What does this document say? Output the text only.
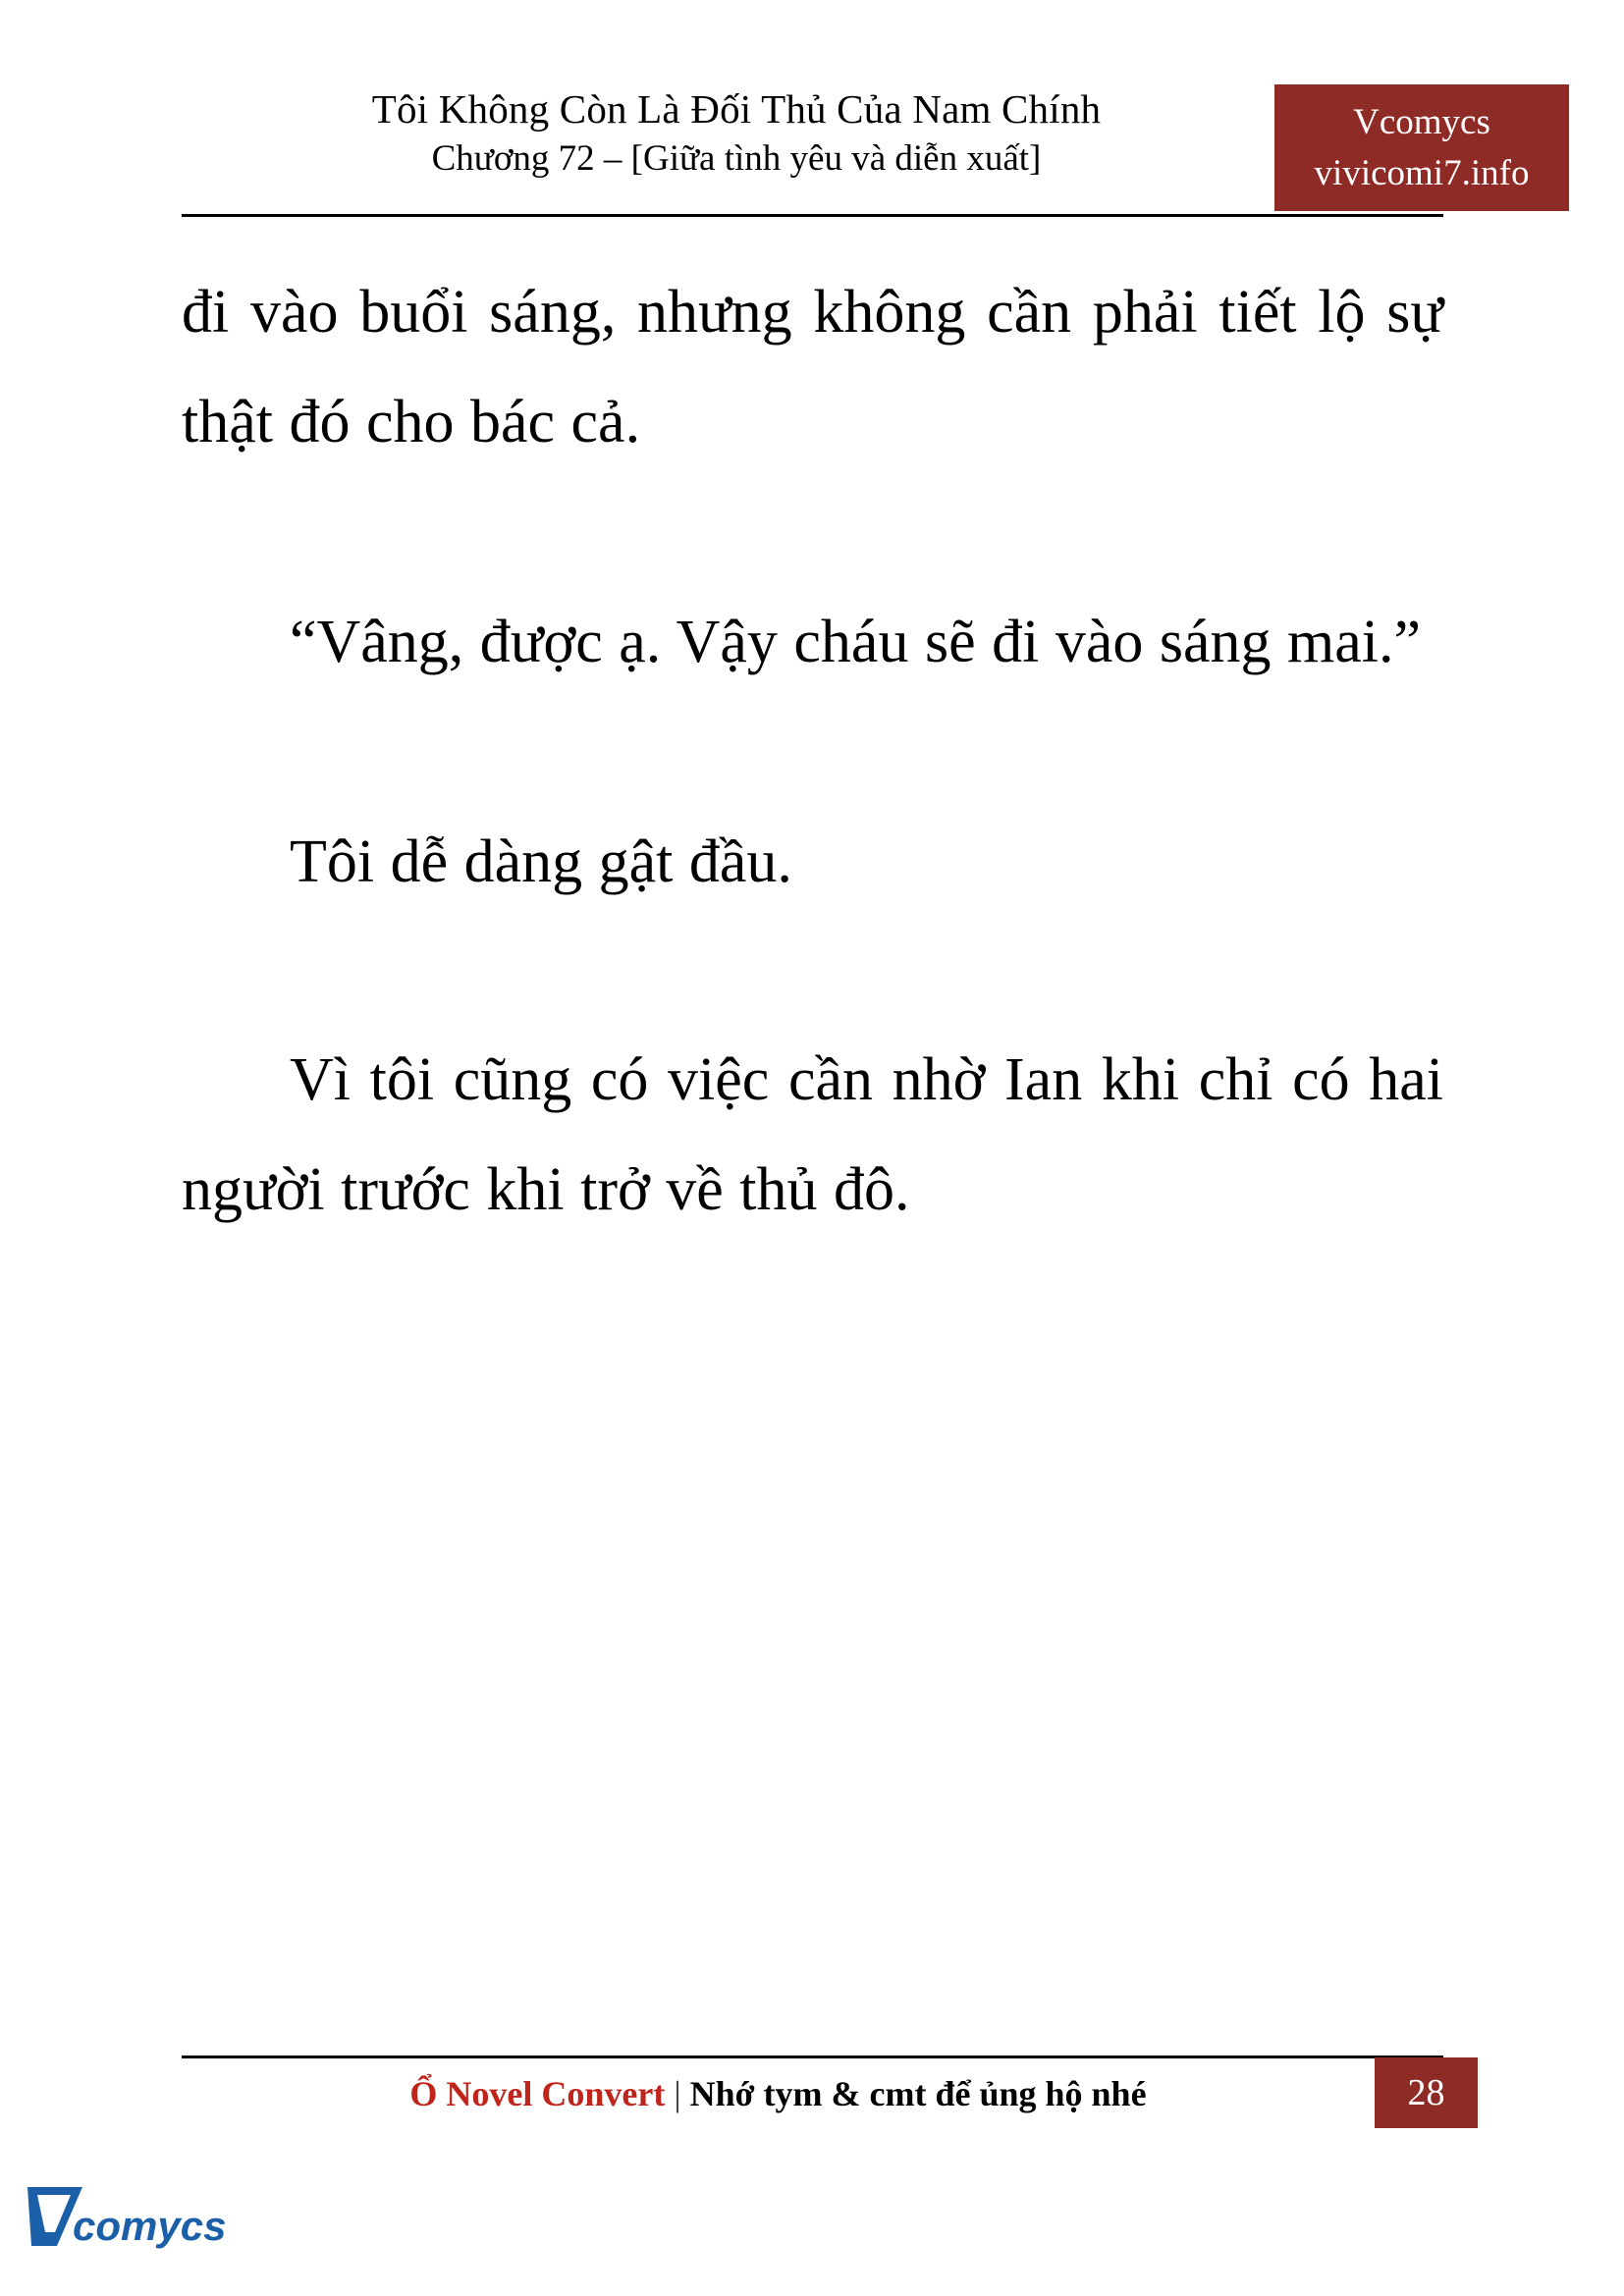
Tôi Không Còn Là Đối Thủ Của Nam Chính
Chương 72 – [Giữa tình yêu và diễn xuất]
Vcomycs
vivicomi7.info

đi vào buổi sáng, nhưng không cần phải tiết lộ sự thật đó cho bác cả.

“Vâng, được ạ. Vậy cháu sẽ đi vào sáng mai.”

Tôi dễ dàng gật đầu.

Vì tôi cũng có việc cần nhờ Ian khi chỉ có hai người trước khi trở về thủ đô.

Ổ Novel Convert | Nhớ tym & cmt để ủng hộ nhé	28
comycs
